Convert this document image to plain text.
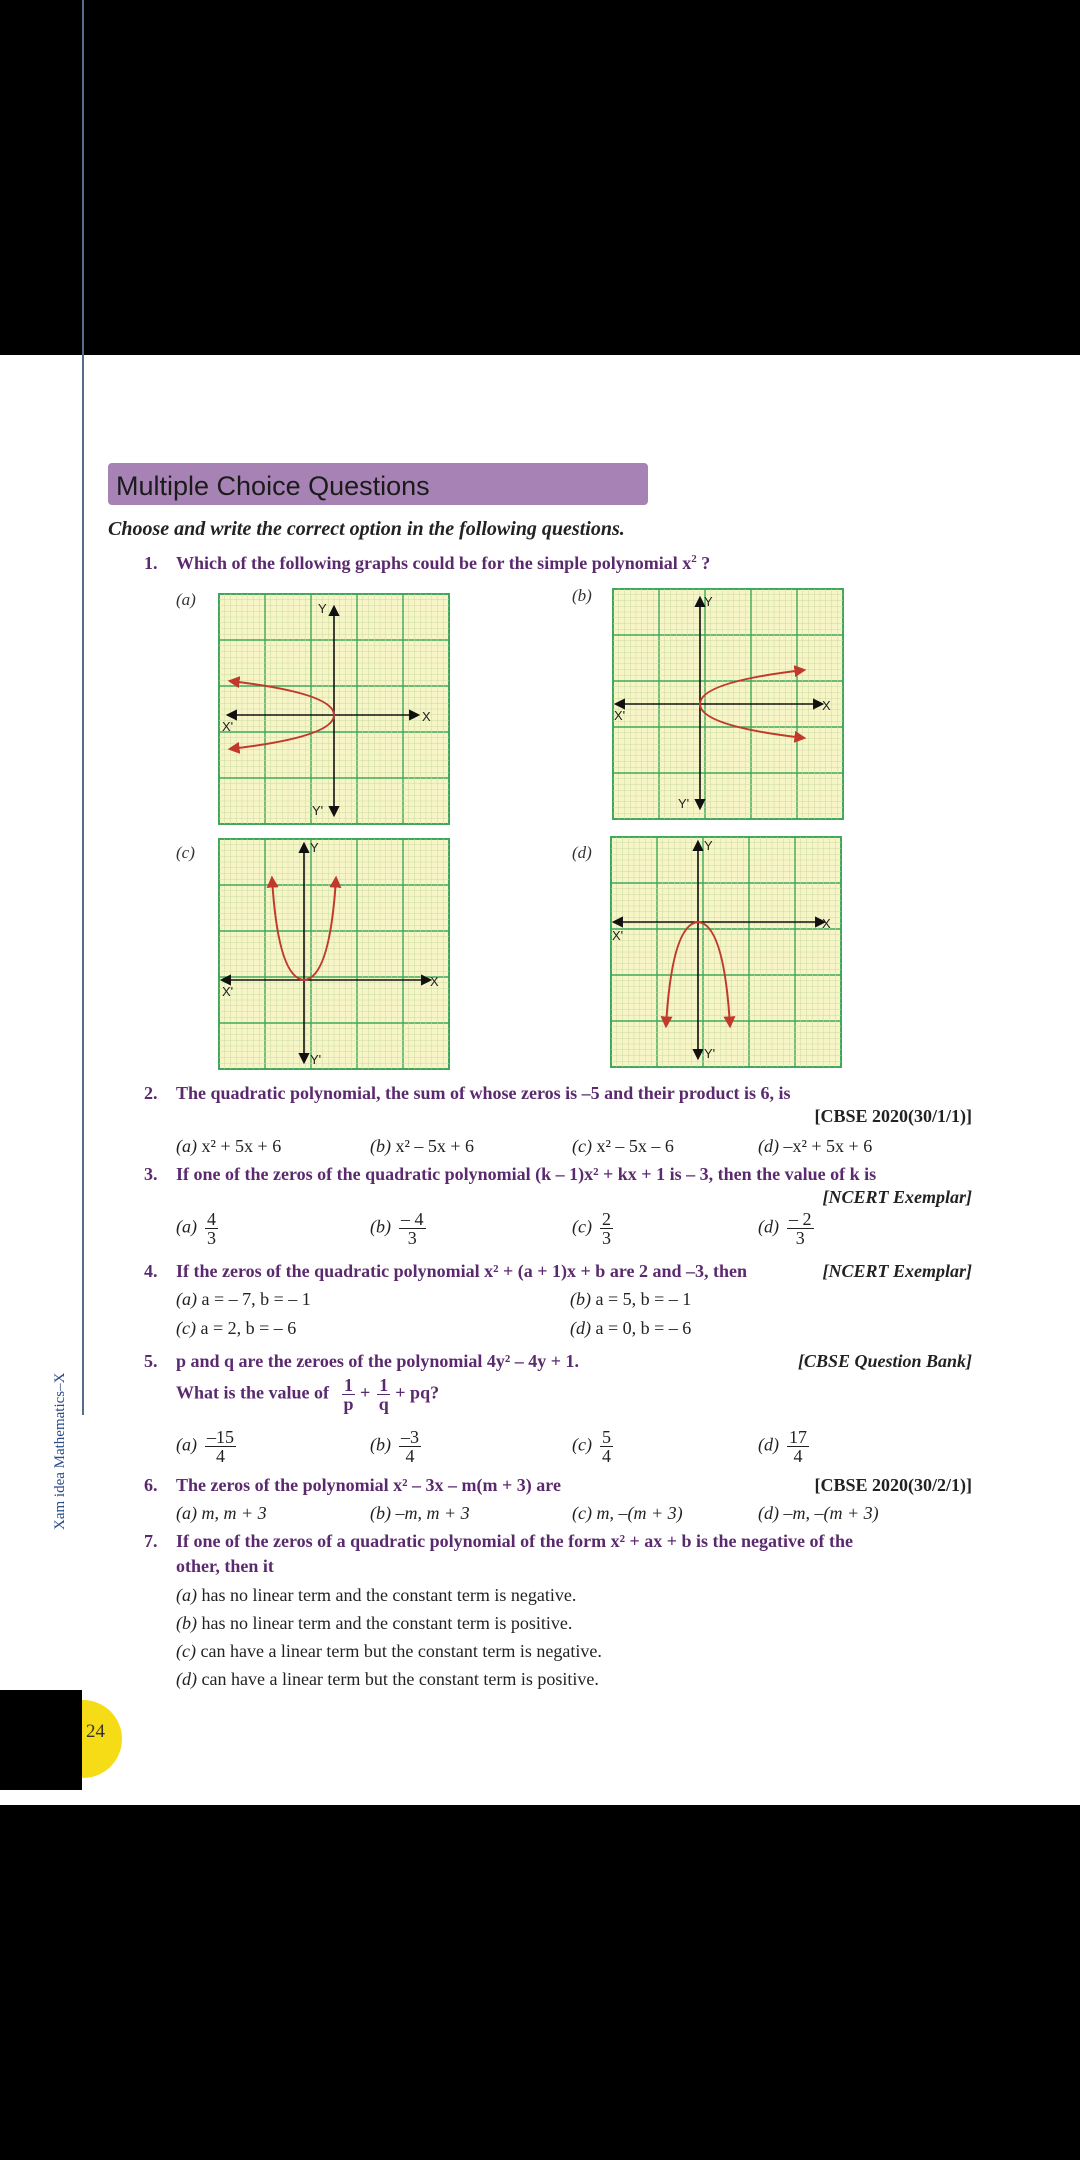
Xam idea Mathematics–X
24
Multiple Choice Questions
Choose and write the correct option in the following questions.
1. Which of the following graphs could be for the simple polynomial $x^2$ ?
(a)	(b)
(c)	(d)
X
X'
Y
Y'
X
X'
Y
Y'
X
X'
Y
Y'
X
X'
Y
Y'
2. The quadratic polynomial, the sum of whose zeros is –5 and their product is 6, is
[CBSE 2020(30/1/1)]
(a) x² + 5x + 6	(b) x² – 5x + 6	(c) x² – 5x – 6	(d) –x² + 5x + 6
3. If one of the zeros of the quadratic polynomial (k – 1)x² + kx + 1 is – 3, then the value of k is
[NCERT Exemplar]
$(a) \frac{4}{3}$	$(b) \frac{- 4}{3}$	$(c) \frac{2}{3}$	$(d) \frac{- 2}{3}$
4. If the zeros of the quadratic polynomial x² + (a + 1)x + b are 2 and –3, then	[NCERT Exemplar]
(a) a = – 7, b = – 1	(b) a = 5, b = – 1
(c) a = 2, b = – 6	(d) a = 0, b = – 6
5. p and q are the zeroes of the polynomial 4y² – 4y + 1.	[CBSE Question Bank]
What is the value of $\frac{1}{p} + \frac{1}{q}$ + pq?
$(a) \frac{-15}{4}$	$(b) \frac{-3}{4}$	$(c) \frac{5}{4}$	$(d) \frac{17}{4}$
6. The zeros of the polynomial x² – 3x – m(m + 3) are	[CBSE 2020(30/2/1)]
(a) m, m + 3	(b) –m, m + 3	(c) m, –(m + 3)	(d) –m, –(m + 3)
7. If one of the zeros of a quadratic polynomial of the form x² + ax + b is the negative of the
other, then it
(a) has no linear term and the constant term is negative.
(b) has no linear term and the constant term is positive.
(c) can have a linear term but the constant term is negative.
(d) can have a linear term but the constant term is positive.
